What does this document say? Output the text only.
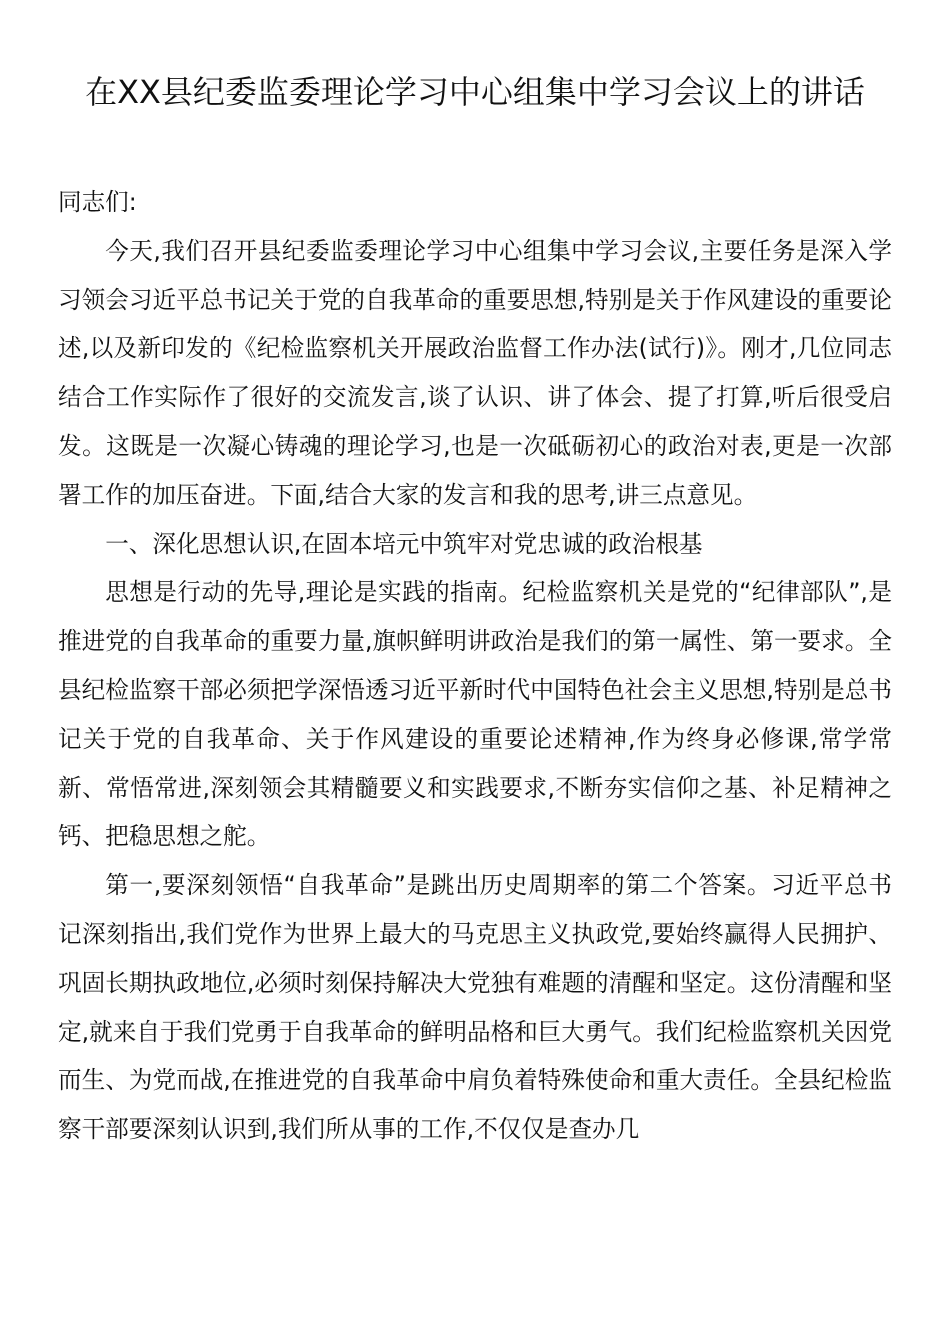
在XX县纪委监委理论学习中心组集中学习会议上的讲话

同志们:

今天,我们召开县纪委监委理论学习中心组集中学习会议,主要任务是深入学习领会习近平总书记关于党的自我革命的重要思想,特别是关于作风建设的重要论述,以及新印发的《纪检监察机关开展政治监督工作办法(试行)》。刚才,几位同志结合工作实际作了很好的交流发言,谈了认识、讲了体会、提了打算,听后很受启发。这既是一次凝心铸魂的理论学习,也是一次砥砺初心的政治对表,更是一次部署工作的加压奋进。下面,结合大家的发言和我的思考,讲三点意见。

一、深化思想认识,在固本培元中筑牢对党忠诚的政治根基

思想是行动的先导,理论是实践的指南。纪检监察机关是党的“纪律部队”,是推进党的自我革命的重要力量,旗帜鲜明讲政治是我们的第一属性、第一要求。全县纪检监察干部必须把学深悟透习近平新时代中国特色社会主义思想,特别是总书记关于党的自我革命、关于作风建设的重要论述精神,作为终身必修课,常学常新、常悟常进,深刻领会其精髓要义和实践要求,不断夯实信仰之基、补足精神之钙、把稳思想之舵。

第一,要深刻领悟“自我革命”是跳出历史周期率的第二个答案。习近平总书记深刻指出,我们党作为世界上最大的马克思主义执政党,要始终赢得人民拥护、巩固长期执政地位,必须时刻保持解决大党独有难题的清醒和坚定。这份清醒和坚定,就来自于我们党勇于自我革命的鲜明品格和巨大勇气。我们纪检监察机关因党而生、为党而战,在推进党的自我革命中肩负着特殊使命和重大责任。全县纪检监察干部要深刻认识到,我们所从事的工作,不仅仅是查办几
